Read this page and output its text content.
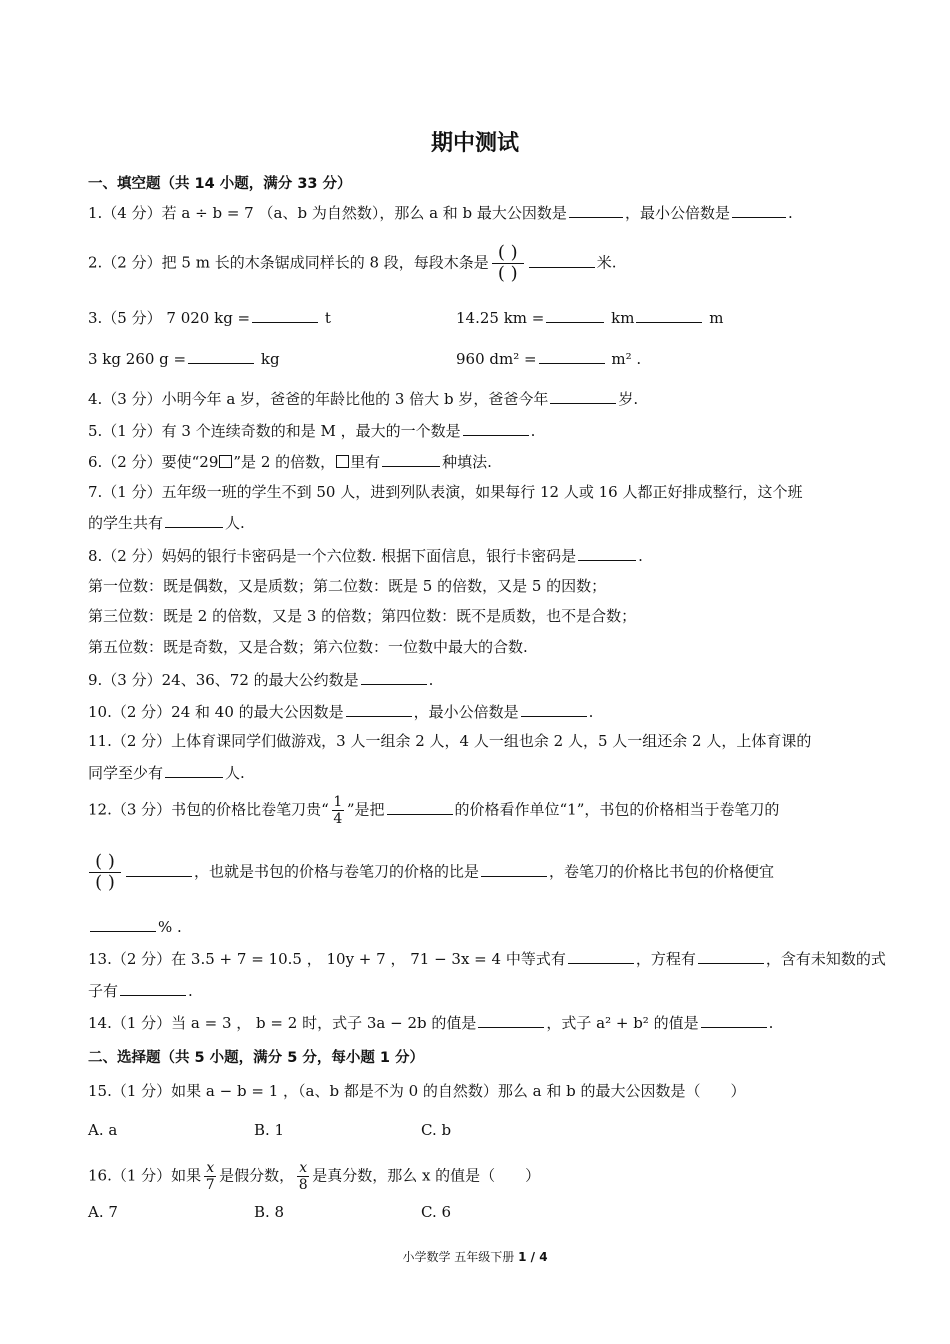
期中测试
一、填空题（共 14 小题，满分 33 分）
1.（4 分）若 a ÷ b = 7 （a、b 为自然数），那么 a 和 b 最大公因数是	，最小公倍数是	.
2.（2 分）把 5 m 长的木条锯成同样长的 8 段，每段木条是 $\frac{( )}{( )}$	米.
3.（5 分） 7 020 kg =	t	14.25 km =	km	m
3 kg 260 g =	kg	960 dm² =	m² .
4.（3 分）小明今年 a 岁，爸爸的年龄比他的 3 倍大 b 岁，爸爸今年	岁.
5.（1 分）有 3 个连续奇数的和是 M ，最大的一个数是	.
6.（2 分）要使“29 ”是 2 的倍数， 里有	种填法.
7.（1 分）五年级一班的学生不到 50 人，进到列队表演，如果每行 12 人或 16 人都正好排成整行，这个班
的学生共有	人.
8.（2 分）妈妈的银行卡密码是一个六位数. 根据下面信息，银行卡密码是	.
第一位数：既是偶数，又是质数；第二位数：既是 5 的倍数，又是 5 的因数；
第三位数：既是 2 的倍数，又是 3 的倍数；第四位数：既不是质数，也不是合数；
第五位数：既是奇数，又是合数；第六位数：一位数中最大的合数.
9.（3 分）24、36、72 的最大公约数是	.
10.（2 分）24 和 40 的最大公因数是	，最小公倍数是	.
11.（2 分）上体育课同学们做游戏，3 人一组余 2 人，4 人一组也余 2 人，5 人一组还余 2 人，上体育课的
同学至少有	人.
12.（3 分）书包的价格比卷笔刀贵“ $\frac{1}{4}$ ”是把	的价格看作单位“1”，书包的价格相当于卷笔刀的
$\frac{( )}{( )}$	，也就是书包的价格与卷笔刀的价格的比是	，卷笔刀的价格比书包的价格便宜
% .
13.（2 分）在 3.5 + 7 = 10.5 ， 10y + 7 ， 71 − 3x = 4 中等式有	，方程有	，含有未知数的式
子有	.
14.（1 分）当 a = 3 ， b = 2 时，式子 3a − 2b 的值是	，式子 a² + b² 的值是	.
二、选择题（共 5 小题，满分 5 分，每小题 1 分）
15.（1 分）如果 a − b = 1 ，（a、b 都是不为 0 的自然数）那么 a 和 b 的最大公因数是（　　）
A. a	B. 1	C. b
16.（1 分）如果 $\frac{x}{7}$ 是假分数， $\frac{x}{8}$ 是真分数，那么 x 的值是（　　）
A. 7	B. 8	C. 6
小学数学 五年级下册 1 / 4
